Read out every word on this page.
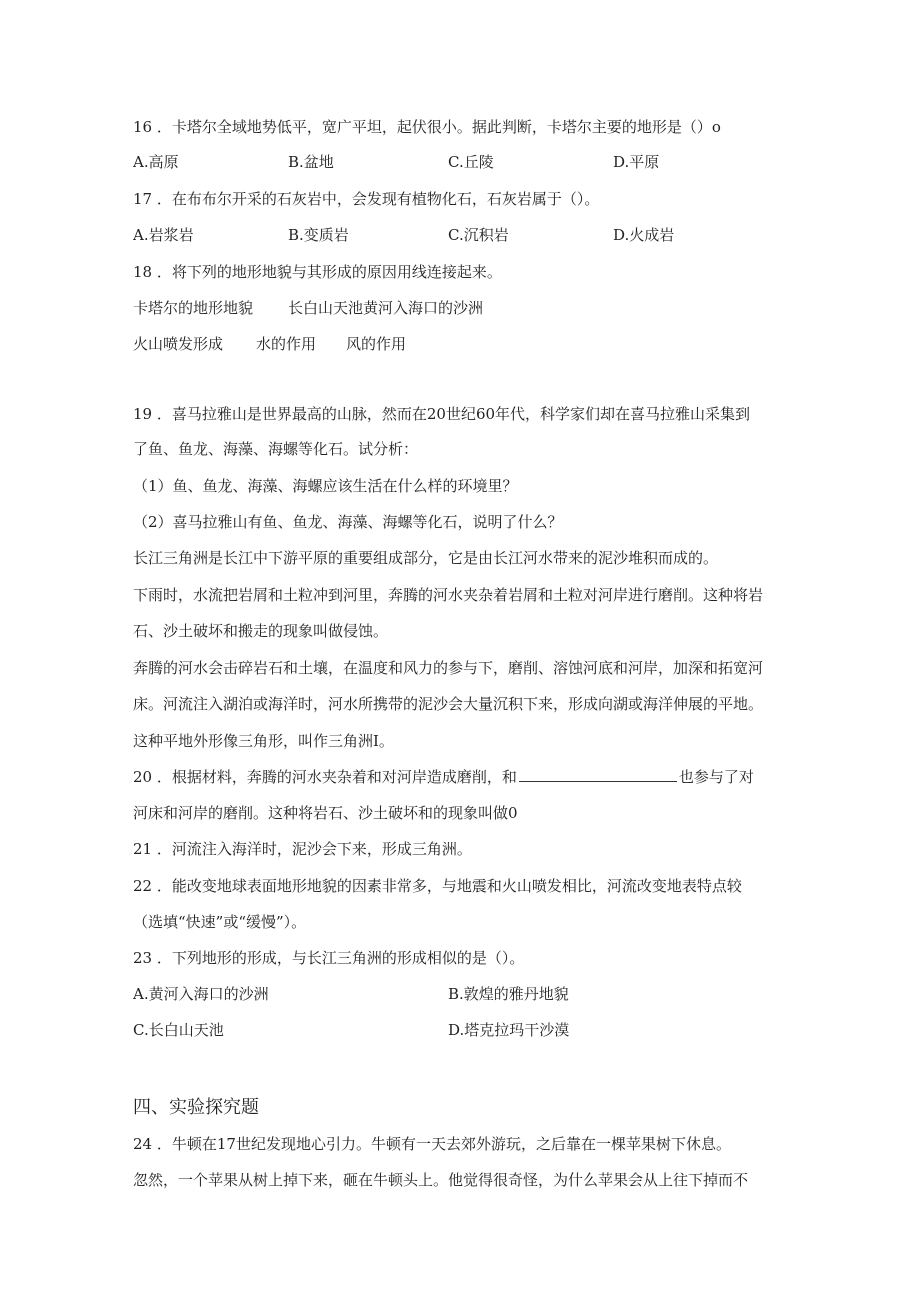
16 ．卡塔尔全域地势低平，宽广平坦，起伏很小。据此判断，卡塔尔主要的地形是（）o
A.高原	B.盆地	C.丘陵	D.平原
17 ．在布布尔开采的石灰岩中，会发现有植物化石，石灰岩属于（）。
A.岩浆岩	B.变质岩	C.沉积岩	D.火成岩
18 ．将下列的地形地貌与其形成的原因用线连接起来。
卡塔尔的地形地貌 长白山天池黄河入海口的沙洲
火山喷发形成 水的作用 风的作用
19 ．喜马拉雅山是世界最高的山脉，然而在20世纪60年代，科学家们却在喜马拉雅山采集到
了鱼、鱼龙、海藻、海螺等化石。试分析：
（1）鱼、鱼龙、海藻、海螺应该生活在什么样的环境里？
（2）喜马拉雅山有鱼、鱼龙、海藻、海螺等化石，说明了什么？
长江三角洲是长江中下游平原的重要组成部分，它是由长江河水带来的泥沙堆积而成的。
下雨时，水流把岩屑和土粒冲到河里，奔腾的河水夹杂着岩屑和土粒对河岸进行磨削。这种将岩
石、沙土破坏和搬走的现象叫做侵蚀。
奔腾的河水会击碎岩石和土壤，在温度和风力的参与下，磨削、溶蚀河底和河岸，加深和拓宽河
床。河流注入湖泊或海洋时，河水所携带的泥沙会大量沉积下来，形成向湖或海洋伸展的平地。
这种平地外形像三角形，叫作三角洲I。
20 ．根据材料，奔腾的河水夹杂着和对河岸造成磨削，和	也参与了对
河床和河岸的磨削。这种将岩石、沙土破坏和的现象叫做0
21 ．河流注入海洋时，泥沙会下来，形成三角洲。
22 ．能改变地球表面地形地貌的因素非常多，与地震和火山喷发相比，河流改变地表特点较
（选填“快速”或“缓慢”）。
23 ．下列地形的形成，与长江三角洲的形成相似的是（）。
A.黄河入海口的沙洲	B.敦煌的雅丹地貌
C.长白山天池	D.塔克拉玛干沙漠
四、实验探究题
24 ．牛顿在17世纪发现地心引力。牛顿有一天去郊外游玩，之后靠在一棵苹果树下休息。
忽然，一个苹果从树上掉下来，砸在牛顿头上。他觉得很奇怪，为什么苹果会从上往下掉而不
